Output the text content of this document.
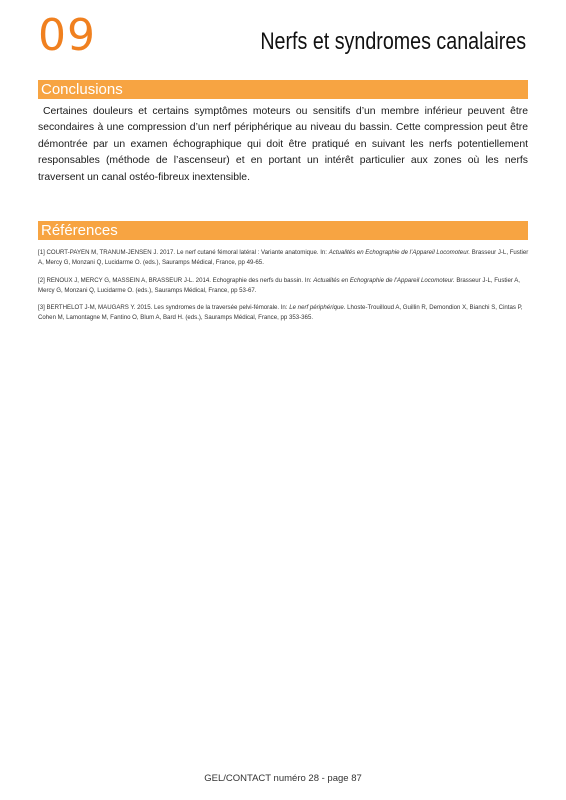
09	Nerfs et syndromes canalaires
Conclusions
Certaines douleurs et certains symptômes moteurs ou sensitifs d’un membre inférieur peuvent être secondaires à une compression d’un nerf périphérique au niveau du bassin. Cette compression peut être démontrée par un examen échographique qui doit être pratiqué en suivant les nerfs potentiellement responsables (méthode de l’ascenseur) et en portant un intérêt particulier aux zones où les nerfs traversent un canal ostéo-fibreux inextensible.
Références
[1] COURT-PAYEN M, TRANUM-JENSEN J. 2017. Le nerf cutané fémoral latéral : Variante anatomique. In: Actualités en Echographie de l’Appareil Locomoteur. Brasseur J-L, Fustier A, Mercy G, Monzani Q, Lucidarme O. (eds.), Sauramps Médical, France, pp 49-65.
[2] RENOUX J, MERCY G, MASSEIN A, BRASSEUR J-L. 2014. Echographie des nerfs du bassin. In: Actualités en Echographie de l’Appareil Locomoteur. Brasseur J-L, Fustier A, Mercy G, Monzani Q, Lucidarme O. (eds.), Sauramps Médical, France, pp 53-67.
[3] BERTHELOT J-M, MAUGARS Y. 2015. Les syndromes de la traversée pelvi-fémorale. In: Le nerf périphérique. Lhoste-Trouilloud A, Guillin R, Demondion X, Bianchi S, Cintas P, Cohen M, Lamontagne M, Fantino O, Blum A, Bard H. (eds.), Sauramps Médical, France, pp 353-365.
GEL/CONTACT numéro 28 - page 87
